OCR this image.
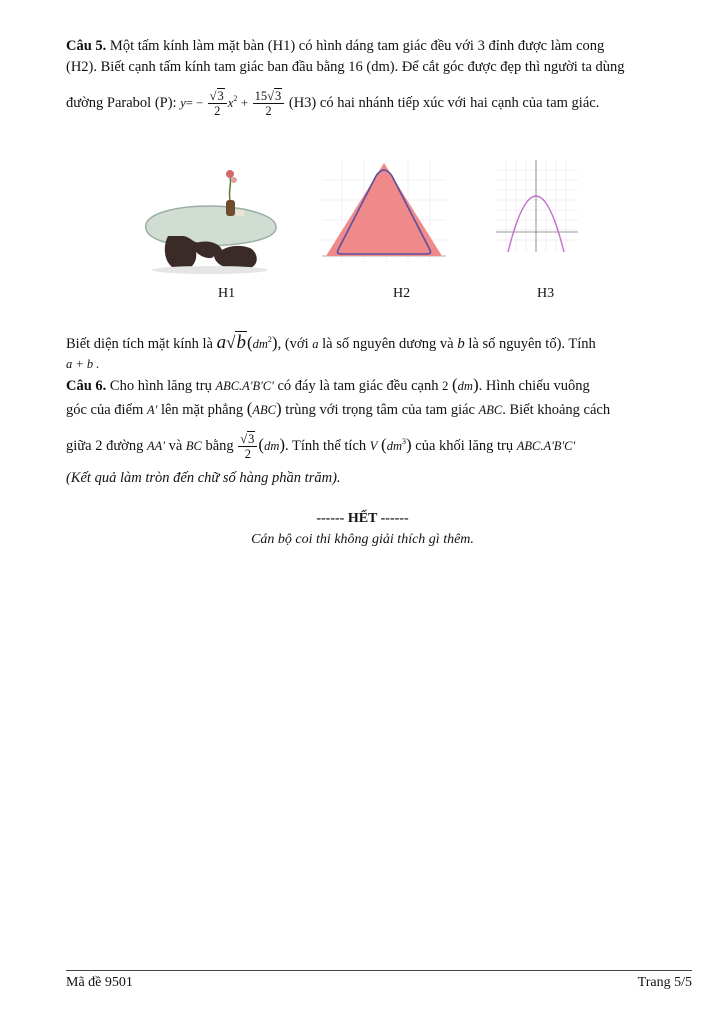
Câu 5. Một tấm kính làm mặt bàn (H1) có hình dáng tam giác đều với 3 đỉnh được làm cong
(H2). Biết cạnh tấm kính tam giác ban đầu bằng 16 (dm). Để cắt góc được đẹp thì người ta dùng
đường Parabol (P): $y= - \frac{√3}{2} x^2 + \frac{15√3}{2} (H3)$ có hai nhánh tiếp xúc với hai cạnh của tam giác.
H1	H2	H3
Biết diện tích mặt kính là $a√b(dm^2)$, (với a là số nguyên dương và b là số nguyên tố). Tính
a + b .
Câu 6. Cho hình lăng trụ ABC.A'B'C' có đáy là tam giác đều cạnh 2 (dm). Hình chiếu vuông
góc của điểm A′ lên mặt phẳng (ABC) trùng với trọng tâm của tam giác ABC. Biết khoảng cách
giữa 2 đường AA' và BC bằng $\frac{√3}{2} (dm)$. Tính thể tích V $(dm^3)$ của khối lăng trụ ABC.A'B'C'
(Kết quả làm tròn đến chữ số hàng phần trăm).
------ HẾT ------
Cán bộ coi thi không giải thích gì thêm.
Mã đề 9501	Trang 5/5
